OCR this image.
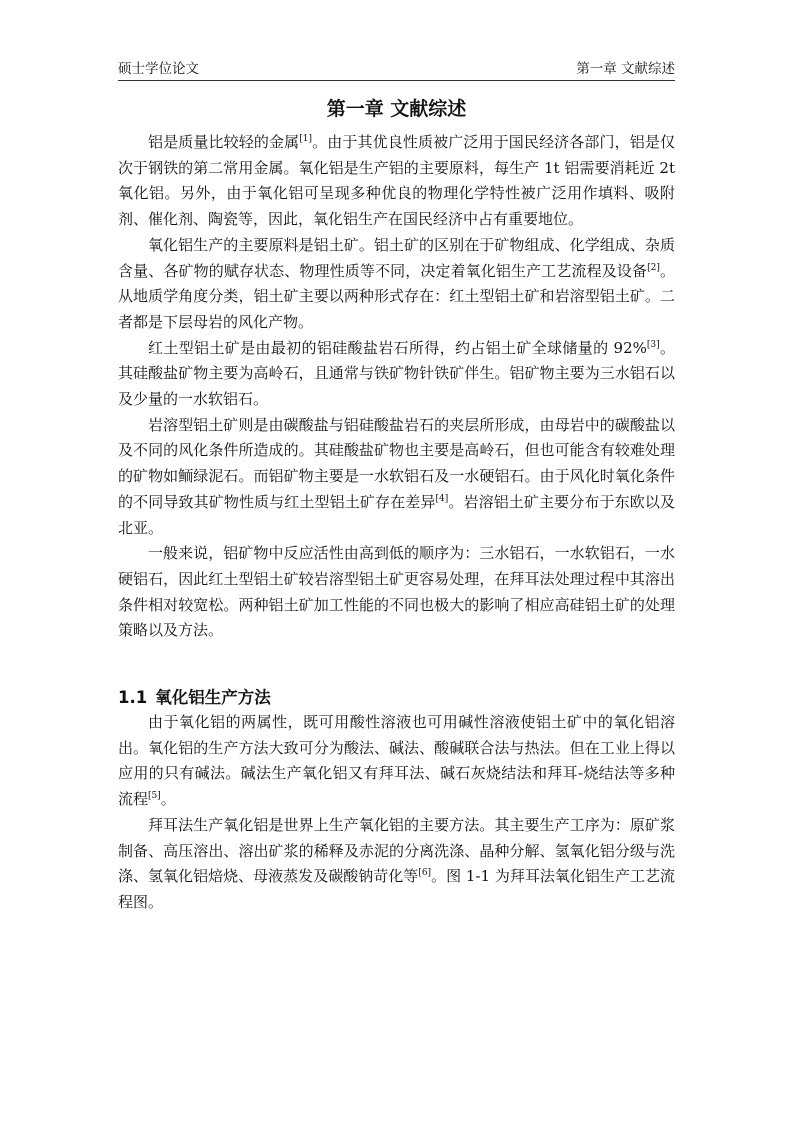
硕士学位论文	第一章 文献综述
第一章 文献综述

铝是质量比较轻的金属[1]。由于其优良性质被广泛用于国民经济各部门，铝是仅次于钢铁的第二常用金属。氧化铝是生产铝的主要原料，每生产 1t 铝需要消耗近 2t 氧化铝。另外，由于氧化铝可呈现多种优良的物理化学特性被广泛用作填料、吸附剂、催化剂、陶瓷等，因此，氧化铝生产在国民经济中占有重要地位。

氧化铝生产的主要原料是铝土矿。铝土矿的区别在于矿物组成、化学组成、杂质含量、各矿物的赋存状态、物理性质等不同，决定着氧化铝生产工艺流程及设备[2]。从地质学角度分类，铝土矿主要以两种形式存在：红土型铝土矿和岩溶型铝土矿。二者都是下层母岩的风化产物。

红土型铝土矿是由最初的铝硅酸盐岩石所得，约占铝土矿全球储量的 92%[3]。其硅酸盐矿物主要为高岭石，且通常与铁矿物针铁矿伴生。铝矿物主要为三水铝石以及少量的一水软铝石。

岩溶型铝土矿则是由碳酸盐与铝硅酸盐岩石的夹层所形成，由母岩中的碳酸盐以及不同的风化条件所造成的。其硅酸盐矿物也主要是高岭石，但也可能含有较难处理的矿物如鲕绿泥石。而铝矿物主要是一水软铝石及一水硬铝石。由于风化时氧化条件的不同导致其矿物性质与红土型铝土矿存在差异[4]。岩溶铝土矿主要分布于东欧以及北亚。

一般来说，铝矿物中反应活性由高到低的顺序为：三水铝石，一水软铝石，一水硬铝石，因此红土型铝土矿较岩溶型铝土矿更容易处理，在拜耳法处理过程中其溶出条件相对较宽松。两种铝土矿加工性能的不同也极大的影响了相应高硅铝土矿的处理策略以及方法。

1.1 氧化铝生产方法

由于氧化铝的两属性，既可用酸性溶液也可用碱性溶液使铝土矿中的氧化铝溶出。氧化铝的生产方法大致可分为酸法、碱法、酸碱联合法与热法。但在工业上得以应用的只有碱法。碱法生产氧化铝又有拜耳法、碱石灰烧结法和拜耳-烧结法等多种流程[5]。

拜耳法生产氧化铝是世界上生产氧化铝的主要方法。其主要生产工序为：原矿浆制备、高压溶出、溶出矿浆的稀释及赤泥的分离洗涤、晶种分解、氢氧化铝分级与洗涤、氢氧化铝焙烧、母液蒸发及碳酸钠苛化等[6]。图 1-1 为拜耳法氧化铝生产工艺流程图。
